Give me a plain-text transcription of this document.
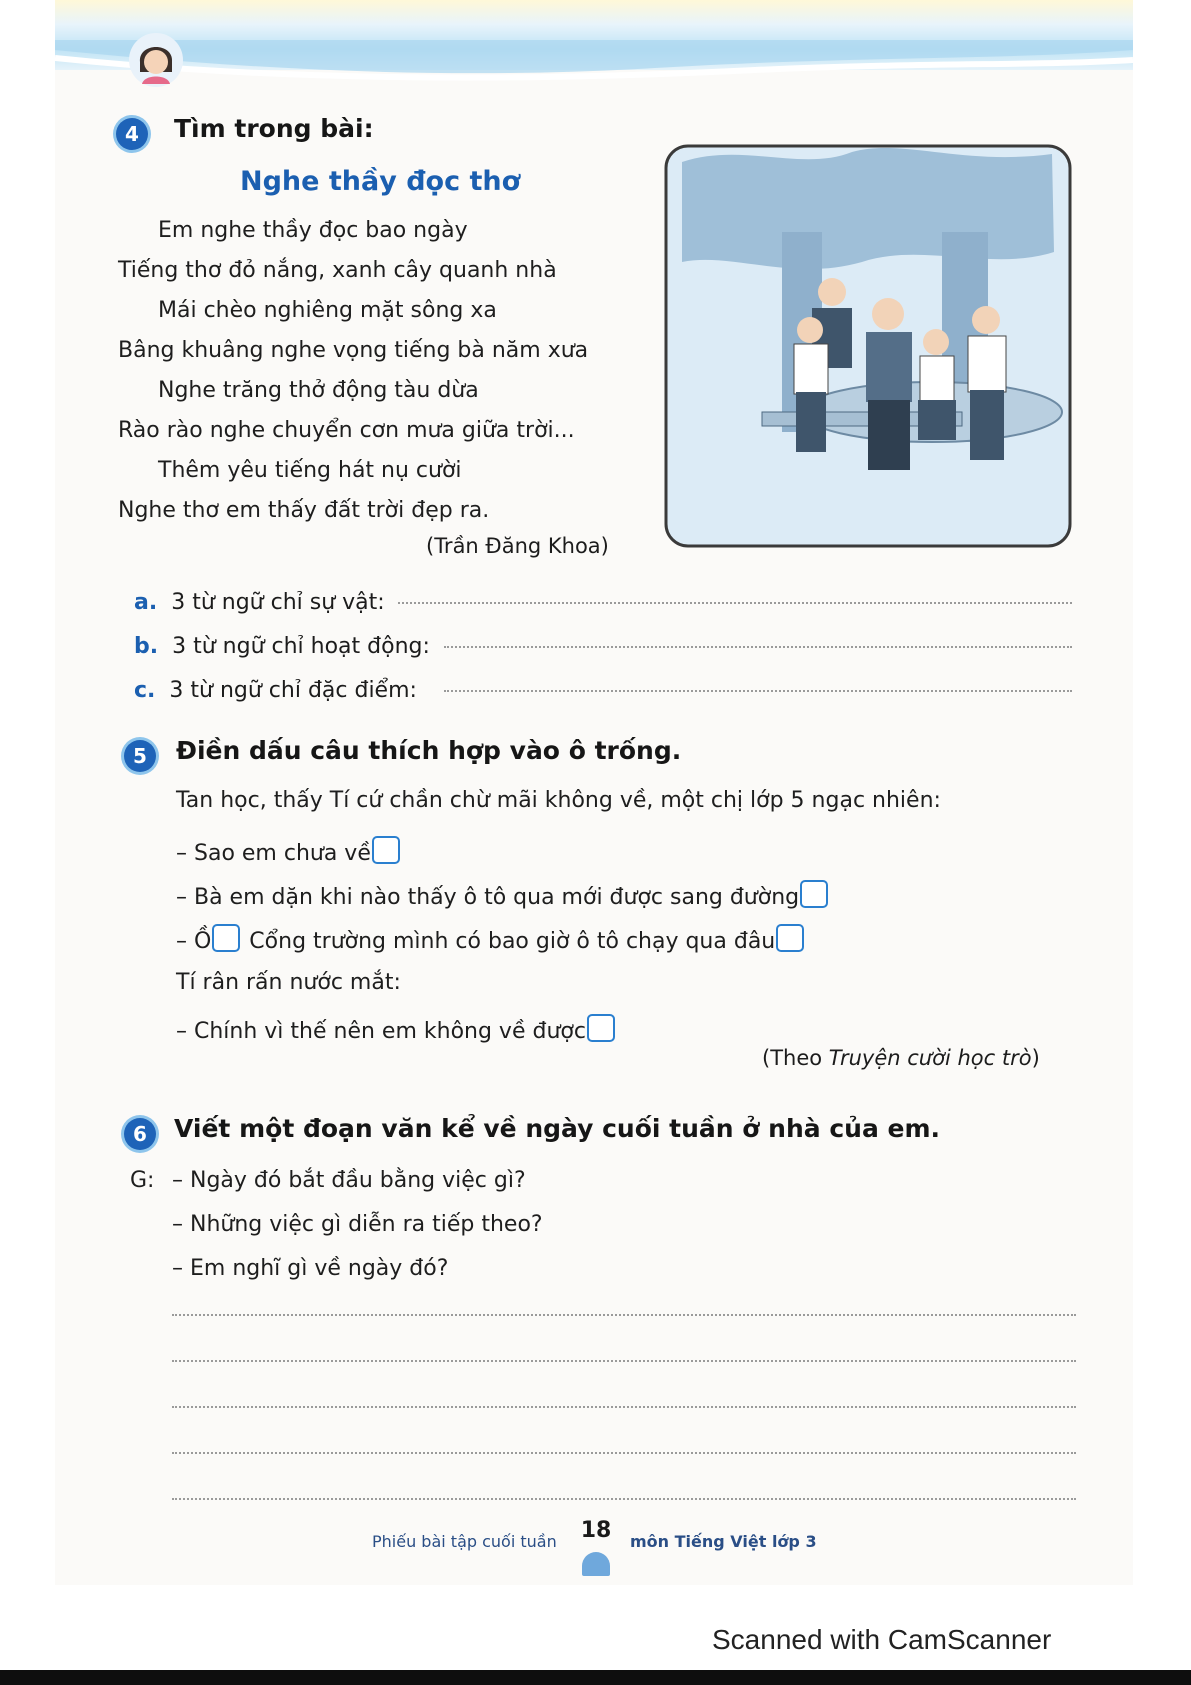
4	Tìm trong bài:
Nghe thầy đọc thơ
Em nghe thầy đọc bao ngày
Tiếng thơ đỏ nắng, xanh cây quanh nhà
Mái chèo nghiêng mặt sông xa
Bâng khuâng nghe vọng tiếng bà năm xưa
Nghe trăng thở động tàu dừa
Rào rào nghe chuyển cơn mưa giữa trời...
Thêm yêu tiếng hát nụ cười
Nghe thơ em thấy đất trời đẹp ra.
(Trần Đăng Khoa)
a. 3 từ ngữ chỉ sự vật:
b. 3 từ ngữ chỉ hoạt động:
c. 3 từ ngữ chỉ đặc điểm:
5	Điền dấu câu thích hợp vào ô trống.
Tan học, thấy Tí cứ chần chừ mãi không về, một chị lớp 5 ngạc nhiên:
– Sao em chưa về
– Bà em dặn khi nào thấy ô tô qua mới được sang đường
– Ồ Cổng trường mình có bao giờ ô tô chạy qua đâu
Tí rân rấn nước mắt:
– Chính vì thế nên em không về được
(Theo Truyện cười học trò)
6	Viết một đoạn văn kể về ngày cuối tuần ở nhà của em.
G: – Ngày đó bắt đầu bằng việc gì?
– Những việc gì diễn ra tiếp theo?
– Em nghĩ gì về ngày đó?
Phiếu bài tập cuối tuần	18	môn Tiếng Việt lớp 3
Scanned with CamScanner
